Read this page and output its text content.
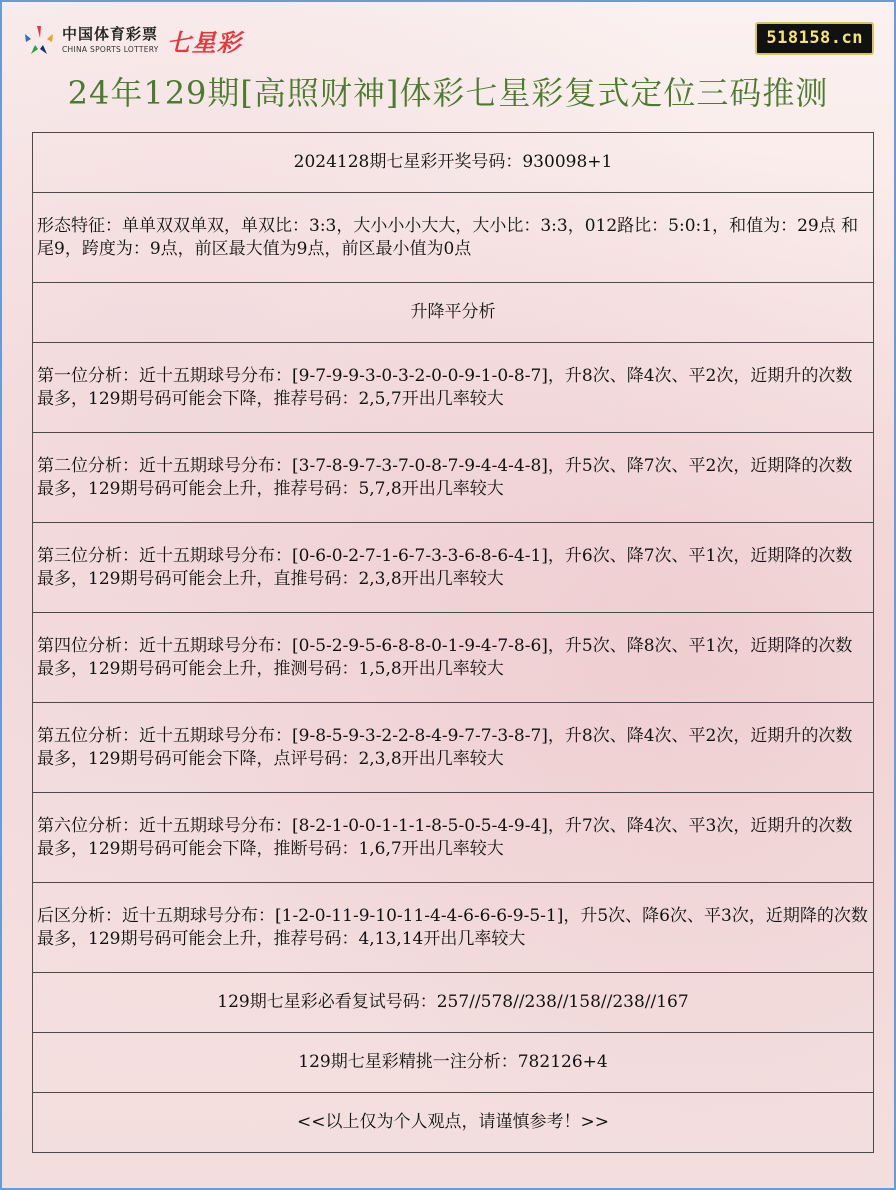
中国体育彩票
CHINA SPORTS LOTTERY 七星彩	518158.cn
24年129期[高照财神]体彩七星彩复式定位三码推测

2024128期七星彩开奖号码：930098+1

形态特征：单单双双单双，单双比：3:3，大小小小大大，大小比：3:3，012路比：5:0:1，和值为：29点 和尾9，跨度为：9点，前区最大值为9点，前区最小值为0点

升降平分析

第一位分析：近十五期球号分布：[9-7-9-9-3-0-3-2-0-0-9-1-0-8-7]，升8次、降4次、平2次，近期升的次数最多，129期号码可能会下降，推荐号码：2,5,7开出几率较大

第二位分析：近十五期球号分布：[3-7-8-9-7-3-7-0-8-7-9-4-4-4-8]，升5次、降7次、平2次，近期降的次数最多，129期号码可能会上升，推荐号码：5,7,8开出几率较大

第三位分析：近十五期球号分布：[0-6-0-2-7-1-6-7-3-3-6-8-6-4-1]，升6次、降7次、平1次，近期降的次数最多，129期号码可能会上升，直推号码：2,3,8开出几率较大

第四位分析：近十五期球号分布：[0-5-2-9-5-6-8-8-0-1-9-4-7-8-6]，升5次、降8次、平1次，近期降的次数最多，129期号码可能会上升，推测号码：1,5,8开出几率较大

第五位分析：近十五期球号分布：[9-8-5-9-3-2-2-8-4-9-7-7-3-8-7]，升8次、降4次、平2次，近期升的次数最多，129期号码可能会下降，点评号码：2,3,8开出几率较大

第六位分析：近十五期球号分布：[8-2-1-0-0-1-1-1-8-5-0-5-4-9-4]，升7次、降4次、平3次，近期升的次数最多，129期号码可能会下降，推断号码：1,6,7开出几率较大

后区分析：近十五期球号分布：[1-2-0-11-9-10-11-4-4-6-6-6-9-5-1]，升5次、降6次、平3次，近期降的次数最多，129期号码可能会上升，推荐号码：4,13,14开出几率较大

129期七星彩必看复试号码：257//578//238//158//238//167

129期七星彩精挑一注分析：782126+4

<<以上仅为个人观点，请谨慎参考！>>
